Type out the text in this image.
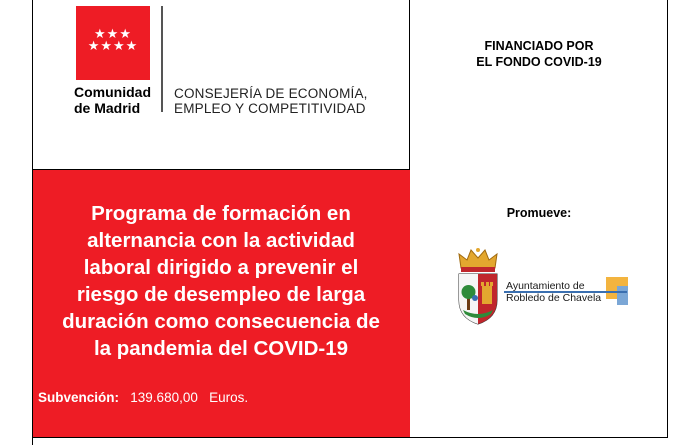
★★★
★★★★
Comunidad
de Madrid
CONSEJERÍA DE ECONOMÍA,
EMPLEO Y COMPETITIVIDAD
FINANCIADO POR
EL FONDO COVID-19
Programa de formación en
alternancia con la actividad
laboral dirigido a prevenir el
riesgo de desempleo de larga
duración como consecuencia de
la pandemia del COVID-19
Subvención: 139.680,00 Euros.
Promueve:
Ayuntamiento de
Robledo de Chavela
